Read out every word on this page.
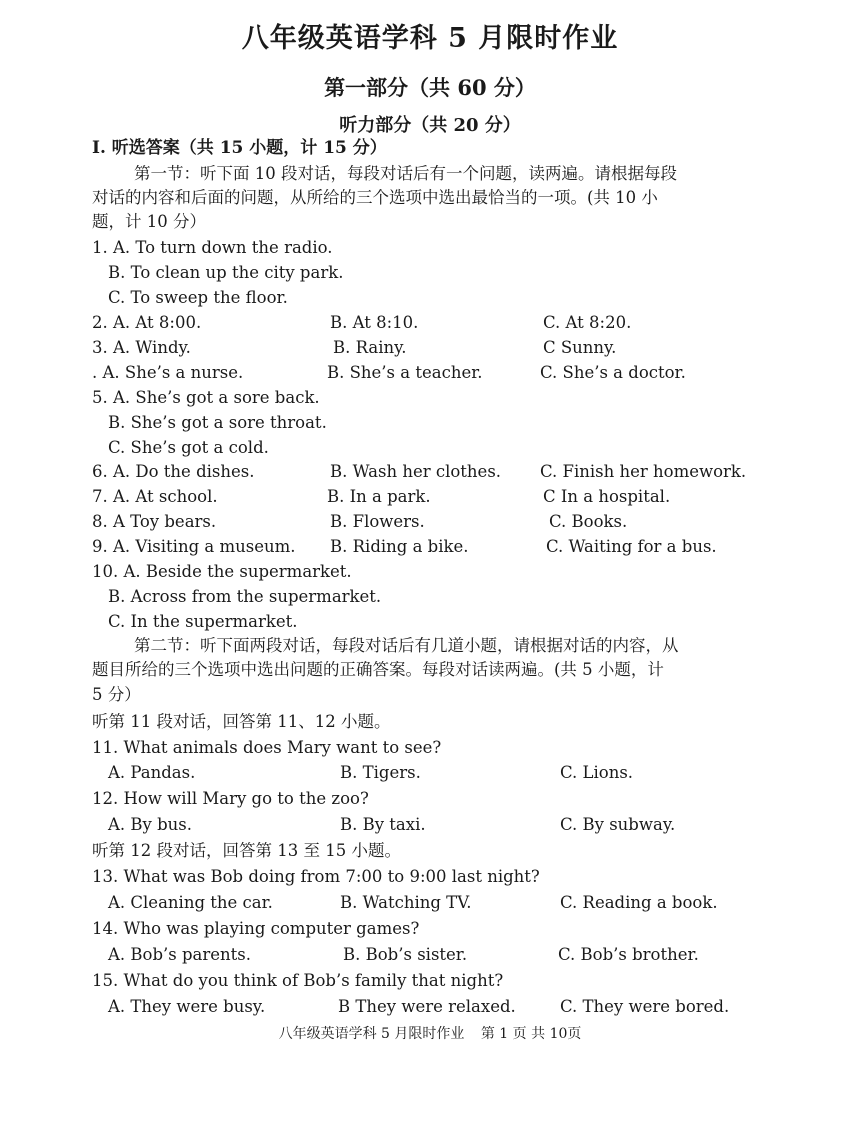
八年级英语学科 5 月限时作业
第一部分（共 60 分）
听力部分（共 20 分）
I. 听选答案（共 15 小题，计 15 分）
第一节：听下面 10 段对话，每段对话后有一个问题，读两遍。请根据每段
对话的内容和后面的问题，从所给的三个选项中选出最恰当的一项。(共 10 小
题，计 10 分）
1. A. To turn down the radio.
B. To clean up the city park.
C. To sweep the floor.
2. A. At 8:00.	B. At 8:10.	C. At 8:20.
3. A. Windy.	B. Rainy.	C Sunny.
. A. She’s a nurse.	B. She’s a teacher.	C. She’s a doctor.
5. A. She’s got a sore back.
B. She’s got a sore throat.
C. She’s got a cold.
6. A. Do the dishes.	B. Wash her clothes. C. Finish her homework.
7. A. At school.	B. In a park.	C In a hospital.
8. A Toy bears.	B. Flowers.	C. Books.
9. A. Visiting a museum. B. Riding a bike.	C. Waiting for a bus.
10. A. Beside the supermarket.
B. Across from the supermarket.
C. In the supermarket.
第二节：听下面两段对话，每段对话后有几道小题，请根据对话的内容，从
题目所给的三个选项中选出问题的正确答案。每段对话读两遍。(共 5 小题，计
5 分）
听第 11 段对话，回答第 11、12 小题。
11. What animals does Mary want to see?
A. Pandas.	B. Tigers.	C. Lions.
12. How will Mary go to the zoo?
A. By bus.	B. By taxi.	C. By subway.
听第 12 段对话，回答第 13 至 15 小题。
13. What was Bob doing from 7:00 to 9:00 last night?
A. Cleaning the car.	B. Watching TV.	C. Reading a book.
14. Who was playing computer games?
A. Bob’s parents.	B. Bob’s sister.	C. Bob’s brother.
15. What do you think of Bob’s family that night?
A. They were busy.	B They were relaxed.	C. They were bored.
八年级英语学科 5 月限时作业 第 1 页 共 10页
